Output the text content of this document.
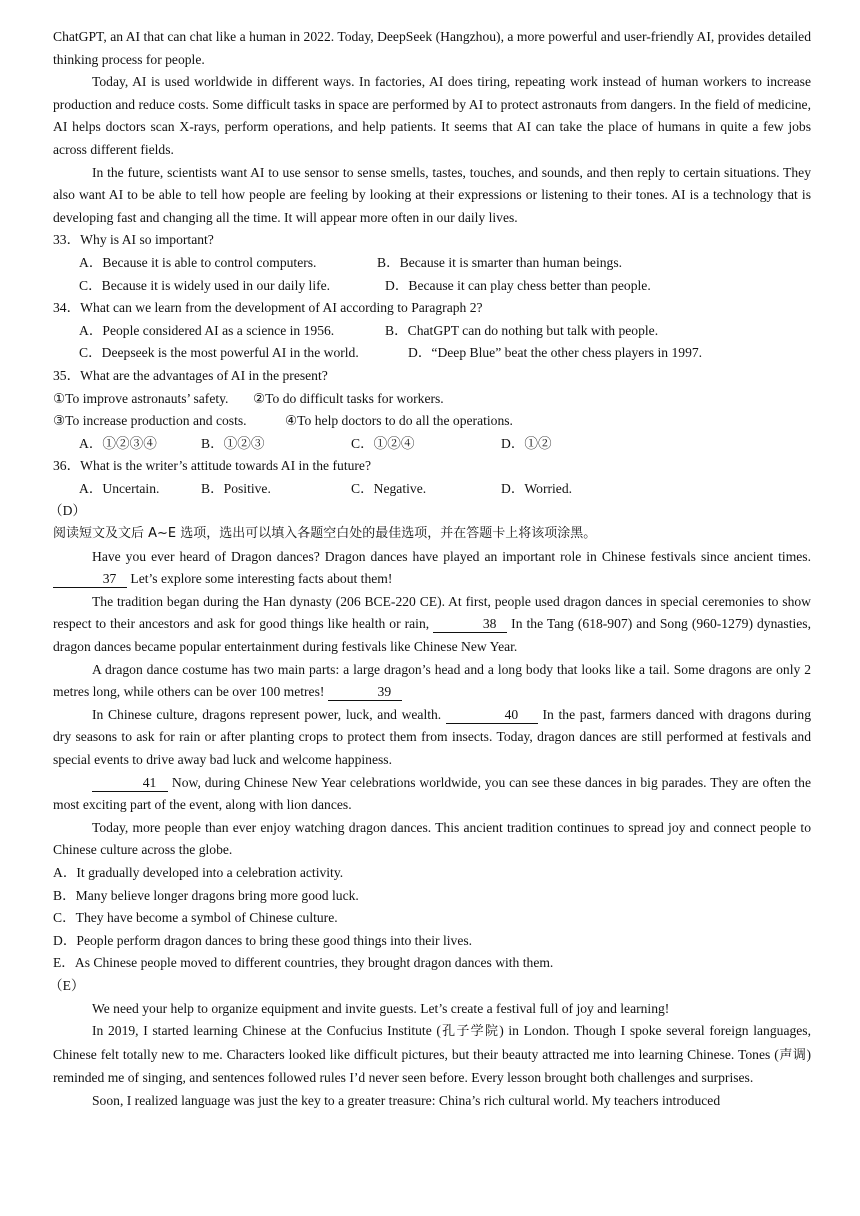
ChatGPT, an AI that can chat like a human in 2022. Today, DeepSeek (Hangzhou), a more powerful and user-friendly AI, provides detailed thinking process for people.

Today, AI is used worldwide in different ways. In factories, AI does tiring, repeating work instead of human workers to increase production and reduce costs. Some difficult tasks in space are performed by AI to protect astronauts from dangers. In the field of medicine, AI helps doctors scan X-rays, perform operations, and help patients. It seems that AI can take the place of humans in quite a few jobs across different fields.

In the future, scientists want AI to use sensor to sense smells, tastes, touches, and sounds, and then reply to certain situations. They also want AI to be able to tell how people are feeling by looking at their expressions or listening to their tones. AI is a technology that is developing fast and changing all the time. It will appear more often in our daily lives.

33．Why is AI so important?

A．Because it is able to control computers.	B．Because it is smarter than human beings.
C．Because it is widely used in our daily life.	D．Because it can play chess better than people.

34．What can we learn from the development of AI according to Paragraph 2?

A．People considered AI as a science in 1956.	B．ChatGPT can do nothing but talk with people.
C．Deepseek is the most powerful AI in the world.	D．“Deep Blue” beat the other chess players in 1997.

35．What are the advantages of AI in the present?

①To improve astronauts’ safety.	②To do difficult tasks for workers.
③To increase production and costs.	④To help doctors to do all the operations.
A．①②③④	B．①②③	C．①②④	D．①②

36．What is the writer’s attitude towards AI in the future?

A．Uncertain.	B．Positive.	C．Negative.	D．Worried.

（D）

阅读短文及文后 A~E 选项，选出可以填入各题空白处的最佳选项，并在答题卡上将该项涂黑。

Have you ever heard of Dragon dances? Dragon dances have played an important role in Chinese festivals since ancient times. 37 Let’s explore some interesting facts about them!

The tradition began during the Han dynasty (206 BCE-220 CE). At first, people used dragon dances in special ceremonies to show respect to their ancestors and ask for good things like health or rain,	38 In the Tang (618-907) and Song (960-1279) dynasties, dragon dances became popular entertainment during festivals like Chinese New Year.

A dragon dance costume has two main parts: a large dragon’s head and a long body that looks like a tail. Some dragons are only 2 metres long, while others can be over 100 metres!	39

In Chinese culture, dragons represent power, luck, and wealth.	40 In the past, farmers danced with dragons during dry seasons to ask for rain or after planting crops to protect them from insects. Today, dragon dances are still performed at festivals and special events to drive away bad luck and welcome happiness.

41 Now, during Chinese New Year celebrations worldwide, you can see these dances in big parades. They are often the most exciting part of the event, along with lion dances.

Today, more people than ever enjoy watching dragon dances. This ancient tradition continues to spread joy and connect people to Chinese culture across the globe.

A．It gradually developed into a celebration activity.

B．Many believe longer dragons bring more good luck.

C．They have become a symbol of Chinese culture.

D．People perform dragon dances to bring these good things into their lives.

E．As Chinese people moved to different countries, they brought dragon dances with them.

（E）

We need your help to organize equipment and invite guests. Let’s create a festival full of joy and learning!

In 2019, I started learning Chinese at the Confucius Institute (孔子学院) in London. Though I spoke several foreign languages, Chinese felt totally new to me. Characters looked like difficult pictures, but their beauty attracted me into learning Chinese. Tones (声调) reminded me of singing, and sentences followed rules I’d never seen before. Every lesson brought both challenges and surprises.

Soon, I realized language was just the key to a greater treasure: China’s rich cultural world. My teachers introduced
